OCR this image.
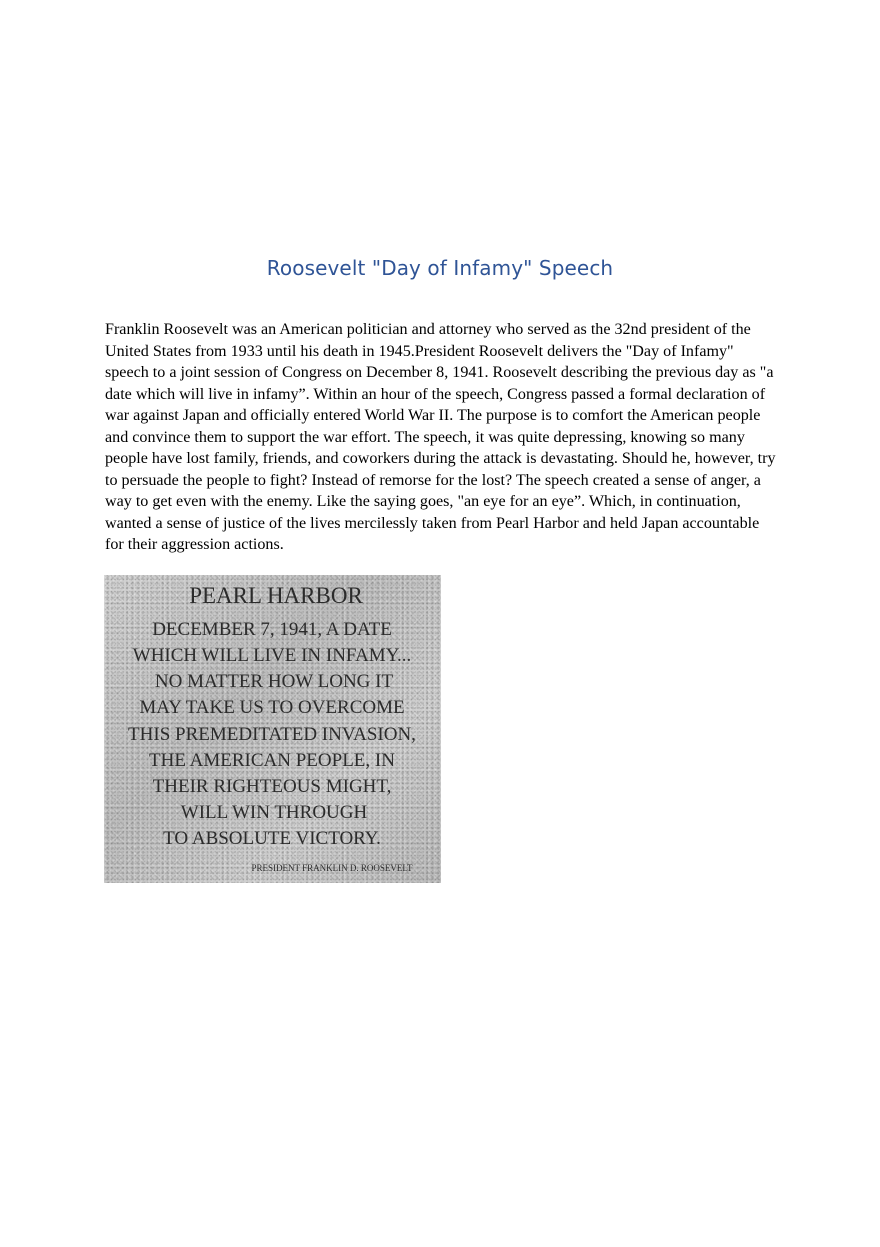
Roosevelt "Day of Infamy" Speech

Franklin Roosevelt was an American politician and attorney who served as the 32nd president of the United States from 1933 until his death in 1945.President Roosevelt delivers the "Day of Infamy" speech to a joint session of Congress on December 8, 1941. Roosevelt describing the previous day as "a date which will live in infamy”. Within an hour of the speech, Congress passed a formal declaration of war against Japan and officially entered World War II. The purpose is to comfort the American people and convince them to support the war effort. The speech, it was quite depressing, knowing so many people have lost family, friends, and coworkers during the attack is devastating. Should he, however, try to persuade the people to fight? Instead of remorse for the lost? The speech created a sense of anger, a way to get even with the enemy. Like the saying goes, "an eye for an eye”. Which, in continuation, wanted a sense of justice of the lives mercilessly taken from Pearl Harbor and held Japan accountable for their aggression actions.

PEARL HARBOR
DECEMBER 7, 1941, A DATE
WHICH WILL LIVE IN INFAMY...
NO MATTER HOW LONG IT
MAY TAKE US TO OVERCOME
THIS PREMEDITATED INVASION,
THE AMERICAN PEOPLE, IN
THEIR RIGHTEOUS MIGHT,
WILL WIN THROUGH
TO ABSOLUTE VICTORY.
PRESIDENT FRANKLIN D. ROOSEVELT
